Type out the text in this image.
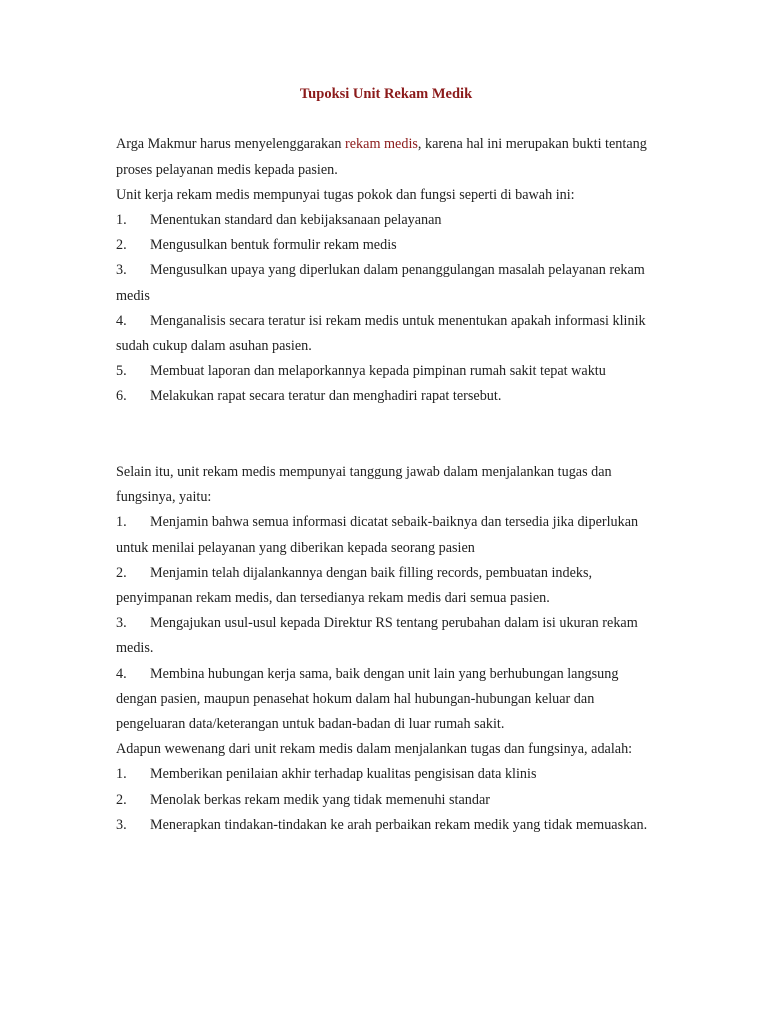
Tupoksi Unit Rekam Medik

Arga Makmur harus menyelenggarakan rekam medis, karena hal ini merupakan bukti tentang proses pelayanan medis kepada pasien.

Unit kerja rekam medis mempunyai tugas pokok dan fungsi seperti di bawah ini:

1. Menentukan standard dan kebijaksanaan pelayanan

2. Mengusulkan bentuk formulir rekam medis

3. Mengusulkan upaya yang diperlukan dalam penanggulangan masalah pelayanan rekam medis

4. Menganalisis secara teratur isi rekam medis untuk menentukan apakah informasi klinik sudah cukup dalam asuhan pasien.

5. Membuat laporan dan melaporkannya kepada pimpinan rumah sakit tepat waktu

6. Melakukan rapat secara teratur dan menghadiri rapat tersebut.

Selain itu, unit rekam medis mempunyai tanggung jawab dalam menjalankan tugas dan fungsinya, yaitu:

1. Menjamin bahwa semua informasi dicatat sebaik-baiknya dan tersedia jika diperlukan untuk menilai pelayanan yang diberikan kepada seorang pasien

2. Menjamin telah dijalankannya dengan baik filling records, pembuatan indeks, penyimpanan rekam medis, dan tersedianya rekam medis dari semua pasien.

3. Mengajukan usul-usul kepada Direktur RS tentang perubahan dalam isi ukuran rekam medis.

4. Membina hubungan kerja sama, baik dengan unit lain yang berhubungan langsung dengan pasien, maupun penasehat hokum dalam hal hubungan-hubungan keluar dan pengeluaran data/keterangan untuk badan-badan di luar rumah sakit.

Adapun wewenang dari unit rekam medis dalam menjalankan tugas dan fungsinya, adalah:

1. Memberikan penilaian akhir terhadap kualitas pengisisan data klinis

2. Menolak berkas rekam medik yang tidak memenuhi standar

3. Menerapkan tindakan-tindakan ke arah perbaikan rekam medik yang tidak memuaskan.
